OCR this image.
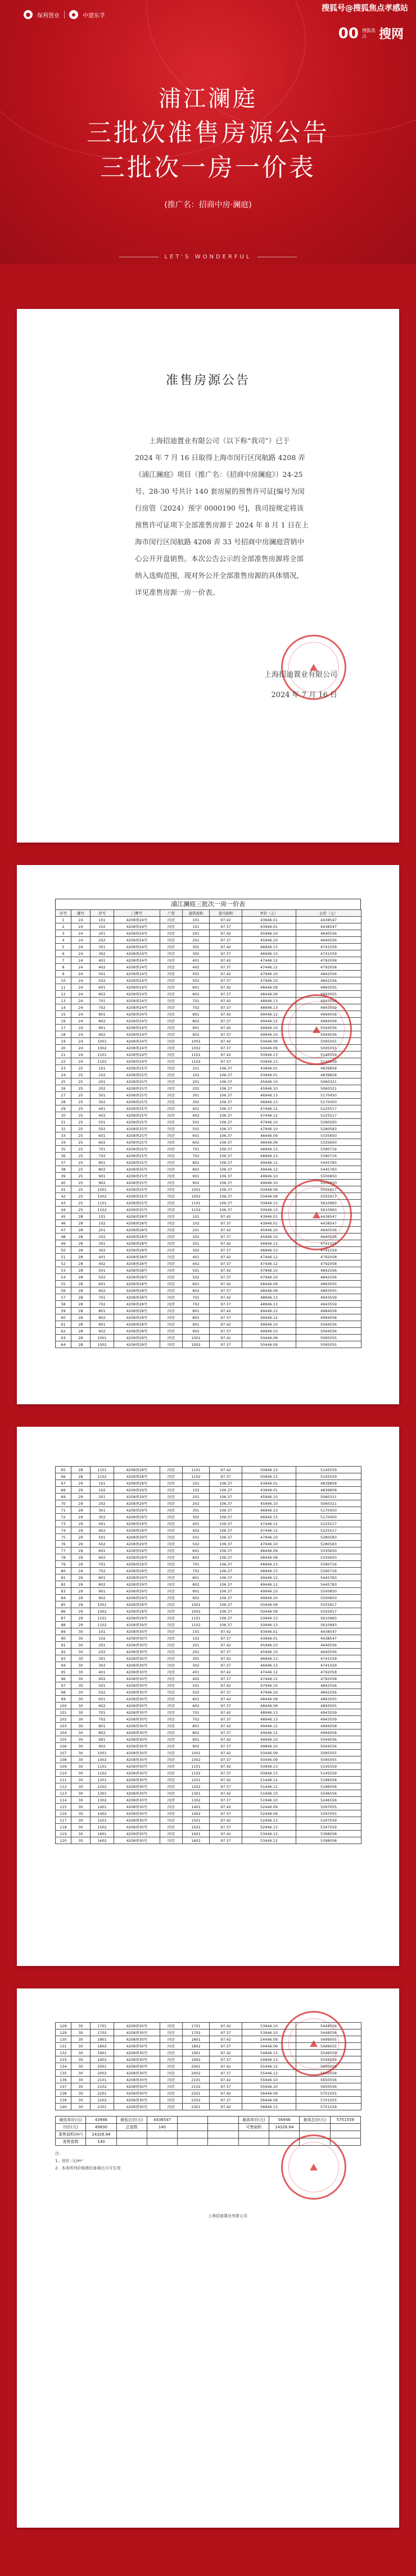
●	保利置业	◆	中建东孚
搜狐号@搜狐焦点孝感站
00 搜狐焦点	搜网
浦江澜庭
三批次准售房源公告
三批次一房一价表
(推广名：招商中房·澜庭)
LET'S WONDERFUL
准售房源公告
上海招迪置业有限公司（以下称“我司”）已于 2024 年 7 月 16 日取得上海市闵行区闵航路 4208 弄《浦江澜庭》项目（推广名：《招商中房澜庭》）24-25 号、28-30 号共计 140 套房屋的预售许可证[编号为闵行房管（2024）预字 0000190 号]，我司按规定将该预售许可证项下全部准售房源于 2024 年 8 月 1 日在上海市闵行区闵航路 4208 弄 33 号招商中房澜庭营销中心公开开盘销售。本次公告公示的全部准售房源将全部纳入选购范围，现对外公开全部准售房源的具体情况，详见准售房源一房一价表。
上海招迪置业有限公司
2024 年 7 月 16 日
浦江澜庭三批次一房一价表
序号	楼号	房号	门牌号	户型	建筑面积	套内面积	单价（元）	总价（元）
1	24	101	4208弄24号	四房	101	97.42	43946.01	4438547
2	24	102	4208弄24号	四房	101	97.37	43946.01	4438547
3	24	201	4208弄24号	四房	201	97.42	45946.10	4640556
4	24	202	4208弄24号	四房	202	97.37	45946.10	4640556
5	24	301	4208弄24号	四房	301	97.42	46946.13	4741559
6	24	302	4208弄24号	四房	302	97.37	46946.13	4741559
7	24	401	4208弄24号	四房	401	97.42	47446.12	4792058
8	24	402	4208弄24号	四房	402	97.37	47446.12	4792058
9	24	501	4208弄24号	四房	501	97.42	47946.10	4842556
10	24	502	4208弄24号	四房	502	97.37	47946.10	4842556
11	24	601	4208弄24号	四房	601	97.42	48446.09	4893055
12	24	602	4208弄24号	四房	602	97.37	48446.09	4893055
13	24	701	4208弄24号	四房	701	97.42	48946.13	4943559
14	24	702	4208弄24号	四房	702	97.37	48946.13	4943559
15	24	801	4208弄24号	四房	801	97.42	49446.12	4994058
16	24	802	4208弄24号	四房	802	97.37	49446.12	4994058
17	24	901	4208弄24号	四房	901	97.42	49946.10	5044556
18	24	902	4208弄24号	四房	902	97.37	49946.10	5044556
19	24	1001	4208弄24号	四房	1001	97.42	50446.09	5095055
20	24	1002	4208弄24号	四房	1002	97.37	50446.09	5095055
21	24	1101	4208弄24号	四房	1101	97.42	50946.13	5145559
22	24	1102	4208弄24号	四房	1102	97.37	50946.13	5145559
23	25	101	4208弄25号	四房	101	106.37	43946.01	4839858
24	25	102	4208弄25号	四房	102	106.37	43946.01	4839858
25	25	201	4208弄25号	四房	201	106.37	45946.10	5060321
26	25	202	4208弄25号	四房	202	106.37	45946.10	5060321
27	25	301	4208弄25号	四房	301	106.37	46946.13	5170450
28	25	302	4208弄25号	四房	302	106.37	46946.13	5170450
29	25	401	4208弄25号	四房	401	106.37	47446.12	5225517
30	25	402	4208弄25号	四房	402	106.37	47446.12	5225517
31	25	501	4208弄25号	四房	501	106.37	47946.10	5280583
32	25	502	4208弄25号	四房	502	106.37	47946.10	5280583
33	25	601	4208弄25号	四房	601	106.37	48446.09	5335650
34	25	602	4208弄25号	四房	602	106.37	48446.09	5335650
35	25	701	4208弄25号	四房	701	106.37	48946.13	5390716
36	25	702	4208弄25号	四房	702	106.37	48946.13	5390716
37	25	801	4208弄25号	四房	801	106.37	49446.12	5445783
38	25	802	4208弄25号	四房	802	106.37	49446.12	5445783
39	25	901	4208弄25号	四房	901	106.37	49946.10	5500850
40	25	902	4208弄25号	四房	902	106.37	49946.10	5500850
41	25	1001	4208弄25号	四房	1001	106.37	50446.09	5555917
42	25	1002	4208弄25号	四房	1002	106.37	50446.09	5555917
43	25	1101	4208弄25号	四房	1101	106.37	50946.13	5610983
44	25	1102	4208弄25号	四房	1102	106.37	50946.13	5610983
45	28	101	4208弄28号	四房	101	97.42	43946.01	4438547
46	28	102	4208弄28号	四房	102	97.37	43946.01	4438547
47	28	201	4208弄28号	四房	201	97.42	45946.10	4640556
48	28	202	4208弄28号	四房	202	97.37	45946.10	4640556
49	28	301	4208弄28号	四房	301	97.42	46946.13	4741559
50	28	302	4208弄28号	四房	302	97.37	46946.13	4741559
51	28	401	4208弄28号	四房	401	97.42	47446.12	4792058
52	28	402	4208弄28号	四房	402	97.37	47446.12	4792058
53	28	501	4208弄28号	四房	501	97.42	47946.10	4842556
54	28	502	4208弄28号	四房	502	97.37	47946.10	4842556
55	28	601	4208弄28号	四房	601	97.42	48446.09	4893055
56	28	602	4208弄28号	四房	602	97.37	48446.09	4893055
57	28	701	4208弄28号	四房	701	97.42	48946.13	4943559
58	28	702	4208弄28号	四房	702	97.37	48946.13	4943559
59	28	801	4208弄28号	四房	801	97.42	49446.12	4994058
60	28	802	4208弄28号	四房	802	97.37	49446.12	4994058
61	28	901	4208弄28号	四房	901	97.42	49946.10	5044556
62	28	902	4208弄28号	四房	902	97.37	49946.10	5044556
63	28	1001	4208弄28号	四房	1001	97.42	50446.09	5095055
64	28	1002	4208弄28号	四房	1002	97.37	50446.09	5095055
65	28	1101	4208弄28号	四房	1101	97.42	50946.13	5145559
66	28	1102	4208弄28号	四房	1102	97.37	50946.13	5145559
67	29	101	4208弄29号	四房	101	106.37	43946.01	4839858
68	29	102	4208弄29号	四房	102	106.37	43946.01	4839858
69	29	201	4208弄29号	四房	201	106.37	45946.10	5060321
70	29	202	4208弄29号	四房	202	106.37	45946.10	5060321
71	29	301	4208弄29号	四房	301	106.37	46946.13	5170450
72	29	302	4208弄29号	四房	302	106.37	46946.13	5170450
73	29	401	4208弄29号	四房	401	106.37	47446.12	5225517
74	29	402	4208弄29号	四房	402	106.37	47446.12	5225517
75	29	501	4208弄29号	四房	501	106.37	47946.10	5280583
76	29	502	4208弄29号	四房	502	106.37	47946.10	5280583
77	29	601	4208弄29号	四房	601	106.37	48446.09	5335650
78	29	602	4208弄29号	四房	602	106.37	48446.09	5335650
79	29	701	4208弄29号	四房	701	106.37	48946.13	5390716
80	29	702	4208弄29号	四房	702	106.37	48946.13	5390716
81	29	801	4208弄29号	四房	801	106.37	49446.12	5445783
82	29	802	4208弄29号	四房	802	106.37	49446.12	5445783
83	29	901	4208弄29号	四房	901	106.37	49946.10	5500850
84	29	902	4208弄29号	四房	902	106.37	49946.10	5500850
85	29	1001	4208弄29号	四房	1001	106.37	50446.09	5555917
86	29	1002	4208弄29号	四房	1002	106.37	50446.09	5555917
87	29	1101	4208弄29号	四房	1101	106.37	50946.13	5610983
88	29	1102	4208弄29号	四房	1102	106.37	50946.13	5610983
89	30	101	4208弄30号	四房	101	97.42	43946.01	4438547
90	30	102	4208弄30号	四房	102	97.37	43946.01	4438547
91	30	201	4208弄30号	四房	201	97.42	45946.10	4640556
92	30	202	4208弄30号	四房	202	97.37	45946.10	4640556
93	30	301	4208弄30号	四房	301	97.42	46946.13	4741559
94	30	302	4208弄30号	四房	302	97.37	46946.13	4741559
95	30	401	4208弄30号	四房	401	97.42	47446.12	4792058
96	30	402	4208弄30号	四房	402	97.37	47446.12	4792058
97	30	501	4208弄30号	四房	501	97.42	47946.10	4842556
98	30	502	4208弄30号	四房	502	97.37	47946.10	4842556
99	30	601	4208弄30号	四房	601	97.42	48446.09	4893055
100	30	602	4208弄30号	四房	602	97.37	48446.09	4893055
101	30	701	4208弄30号	四房	701	97.42	48946.13	4943559
102	30	702	4208弄30号	四房	702	97.37	48946.13	4943559
103	30	801	4208弄30号	四房	801	97.42	49446.12	4994058
104	30	802	4208弄30号	四房	802	97.37	49446.12	4994058
105	30	901	4208弄30号	四房	901	97.42	49946.10	5044556
106	30	902	4208弄30号	四房	902	97.37	49946.10	5044556
107	30	1001	4208弄30号	四房	1001	97.42	50446.09	5095055
108	30	1002	4208弄30号	四房	1002	97.37	50446.09	5095055
109	30	1101	4208弄30号	四房	1101	97.42	50946.13	5145559
110	30	1102	4208弄30号	四房	1102	97.37	50946.13	5145559
111	30	1201	4208弄30号	四房	1201	97.42	51446.12	5196058
112	30	1202	4208弄30号	四房	1202	97.37	51446.12	5196058
113	30	1301	4208弄30号	四房	1301	97.42	51946.10	5246556
114	30	1302	4208弄30号	四房	1302	97.37	51946.10	5246556
115	30	1401	4208弄30号	四房	1401	97.42	52446.09	5297055
116	30	1402	4208弄30号	四房	1402	97.37	52446.09	5297055
117	30	1501	4208弄30号	四房	1501	97.42	52946.13	5347559
118	30	1502	4208弄30号	四房	1502	97.37	52946.13	5347559
119	30	1601	4208弄30号	四房	1601	97.42	53446.12	5398058
120	30	1602	4208弄30号	四房	1602	97.37	53446.12	5398058
128	30	1701	4208弄30号	四房	1701	97.42	53946.10	5448556
129	30	1702	4208弄30号	四房	1702	97.37	53946.10	5448556
130	30	1801	4208弄30号	四房	1801	97.42	54446.09	5499055
131	30	1802	4208弄30号	四房	1802	97.37	54446.09	5499055
132	30	1901	4208弄30号	四房	1901	97.42	54946.13	5549559
133	30	1902	4208弄30号	四房	1902	97.37	54946.13	5549559
134	30	2001	4208弄30号	四房	2001	97.42	55446.12	5600058
135	30	2002	4208弄30号	四房	2002	97.37	55446.12	5600058
136	30	2101	4208弄30号	四房	2101	97.42	55946.10	5650556
137	30	2102	4208弄30号	四房	2102	97.37	55946.10	5650556
138	30	2201	4208弄30号	四房	2201	97.42	56446.09	5701055
139	30	2202	4208弄30号	四房	2202	97.37	56446.09	5701055
140	30	2301	4208弄30号	四房	2301	97.42	56946.13	5751559
最低单价(元)	43946	最低总价(元)	4438547			最高单价(元)	56946	最高总价(元)	5751559
均价(元)	49830	总套数	140			可售面积	14326.84		
准售面积(m²)	14326.84								
准售套数	140								
注：
1、房价 :元/m²
2、本表所列价格需经备案后方可生效
上海招迪置业有限公司
